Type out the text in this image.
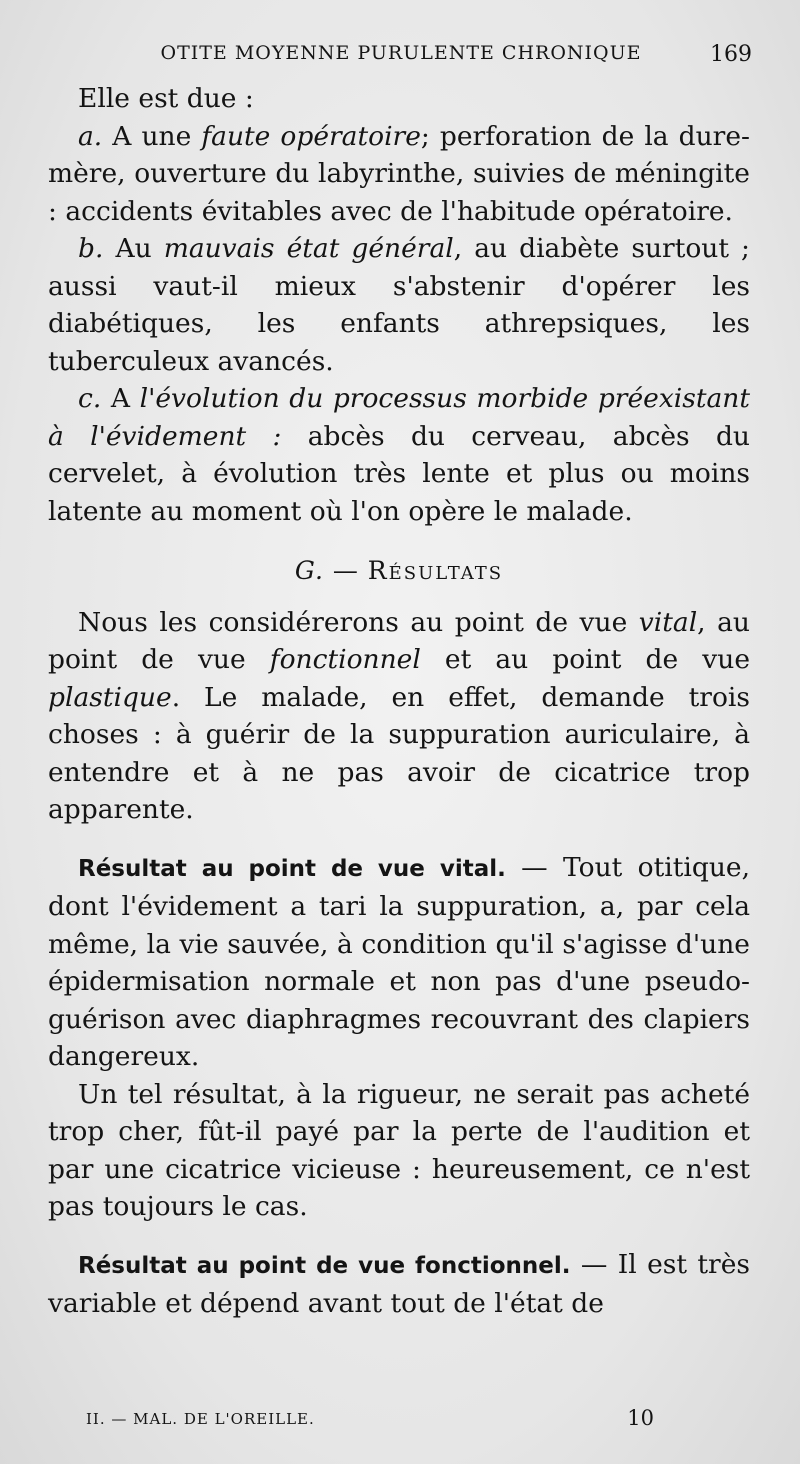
OTITE MOYENNE PURULENTE CHRONIQUE	169

Elle est due :

a. A une faute opératoire; perforation de la dure-mère, ouverture du labyrinthe, suivies de méningite : accidents évitables avec de l'habitude opératoire.

b. Au mauvais état général, au diabète surtout ; aussi vaut-il mieux s'abstenir d'opérer les diabétiques, les enfants athrepsiques, les tuberculeux avancés.

c. A l'évolution du processus morbide préexistant à l'évidement : abcès du cerveau, abcès du cervelet, à évolution très lente et plus ou moins latente au moment où l'on opère le malade.

G. — Résultats

Nous les considérerons au point de vue vital, au point de vue fonctionnel et au point de vue plastique. Le malade, en effet, demande trois choses : à guérir de la suppuration auriculaire, à entendre et à ne pas avoir de cicatrice trop apparente.

Résultat au point de vue vital. — Tout otitique, dont l'évidement a tari la suppuration, a, par cela même, la vie sauvée, à condition qu'il s'agisse d'une épidermisation normale et non pas d'une pseudo-guérison avec diaphragmes recouvrant des clapiers dangereux.

Un tel résultat, à la rigueur, ne serait pas acheté trop cher, fût-il payé par la perte de l'audition et par une cicatrice vicieuse : heureusement, ce n'est pas toujours le cas.

Résultat au point de vue fonctionnel. — Il est très variable et dépend avant tout de l'état de

II. — MAL. DE L'OREILLE.	10
